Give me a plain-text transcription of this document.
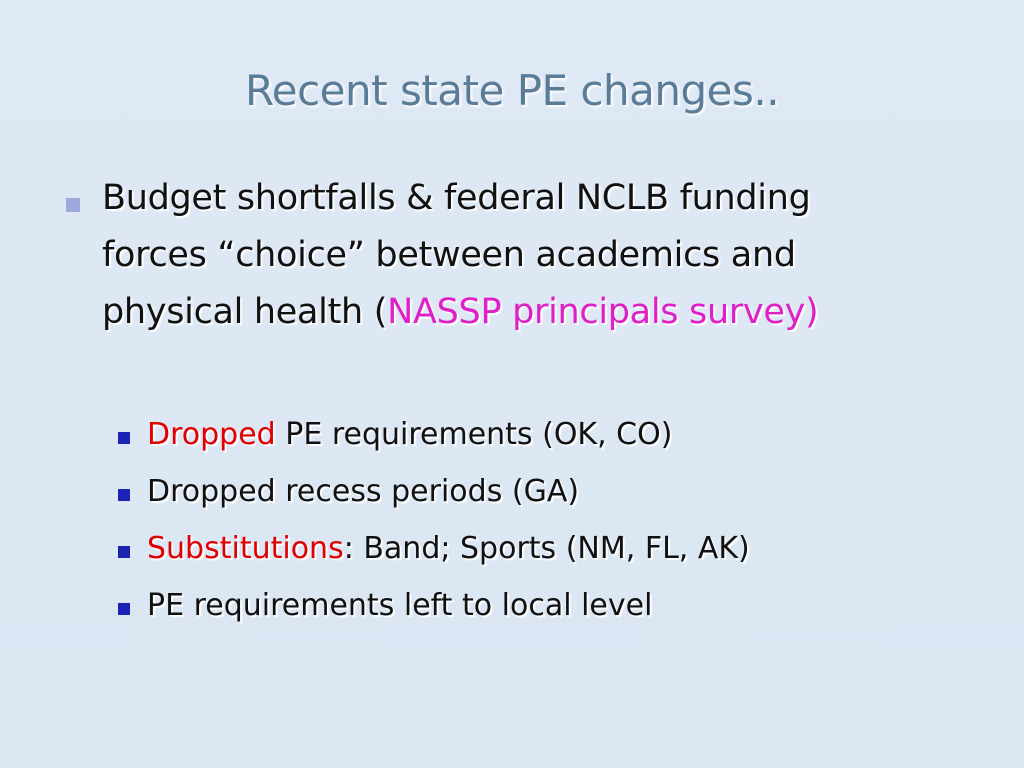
Recent state PE changes..
Budget shortfalls & federal NCLB funding
forces “choice” between academics and
physical health (NASSP principals survey)
Dropped PE requirements (OK, CO)
Dropped recess periods (GA)
Substitutions: Band; Sports (NM, FL, AK)
PE requirements left to local level
